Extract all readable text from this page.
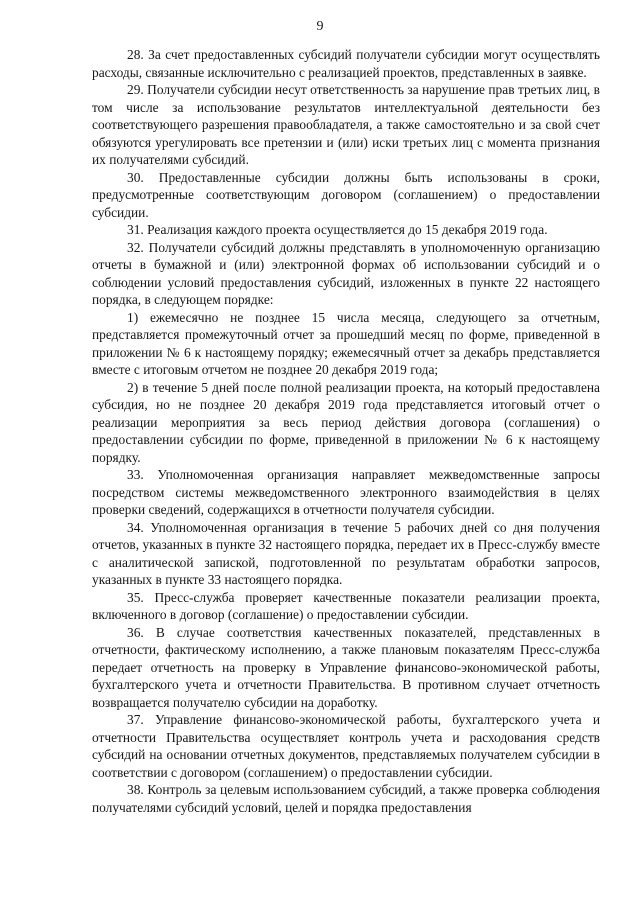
9

28. За счет предоставленных субсидий получатели субсидии могут осуществлять расходы, связанные исключительно с реализацией проектов, представленных в заявке.

29. Получатели субсидии несут ответственность за нарушение прав третьих лиц, в том числе за использование результатов интеллектуальной деятельности без соответствующего разрешения правообладателя, а также самостоятельно и за свой счет обязуются урегулировать все претензии и (или) иски третьих лиц с момента признания их получателями субсидий.

30. Предоставленные субсидии должны быть использованы в сроки, предусмотренные соответствующим договором (соглашением) о предоставлении субсидии.

31. Реализация каждого проекта осуществляется до 15 декабря 2019 года.

32. Получатели субсидий должны представлять в уполномоченную организацию отчеты в бумажной и (или) электронной формах об использовании субсидий и о соблюдении условий предоставления субсидий, изложенных в пункте 22 настоящего порядка, в следующем порядке:

1) ежемесячно не позднее 15 числа месяца, следующего за отчетным, представляется промежуточный отчет за прошедший месяц по форме, приведенной в приложении № 6 к настоящему порядку; ежемесячный отчет за декабрь представляется вместе с итоговым отчетом не позднее 20 декабря 2019 года;

2) в течение 5 дней после полной реализации проекта, на который предоставлена субсидия, но не позднее 20 декабря 2019 года представляется итоговый отчет о реализации мероприятия за весь период действия договора (соглашения) о предоставлении субсидии по форме, приведенной в приложении № 6 к настоящему порядку.

33. Уполномоченная организация направляет межведомственные запросы посредством системы межведомственного электронного взаимодействия в целях проверки сведений, содержащихся в отчетности получателя субсидии.

34. Уполномоченная организация в течение 5 рабочих дней со дня получения отчетов, указанных в пункте 32 настоящего порядка, передает их в Пресс-службу вместе с аналитической запиской, подготовленной по результатам обработки запросов, указанных в пункте 33 настоящего порядка.

35. Пресс-служба проверяет качественные показатели реализации проекта, включенного в договор (соглашение) о предоставлении субсидии.

36. В случае соответствия качественных показателей, представленных в отчетности, фактическому исполнению, а также плановым показателям Пресс-служба передает отчетность на проверку в Управление финансово-экономической работы, бухгалтерского учета и отчетности Правительства. В противном случает отчетность возвращается получателю субсидии на доработку.

37. Управление финансово-экономической работы, бухгалтерского учета и отчетности Правительства осуществляет контроль учета и расходования средств субсидий на основании отчетных документов, представляемых получателем субсидии в соответствии с договором (соглашением) о предоставлении субсидии.

38. Контроль за целевым использованием субсидий, а также проверка соблюдения получателями субсидий условий, целей и порядка предоставления
